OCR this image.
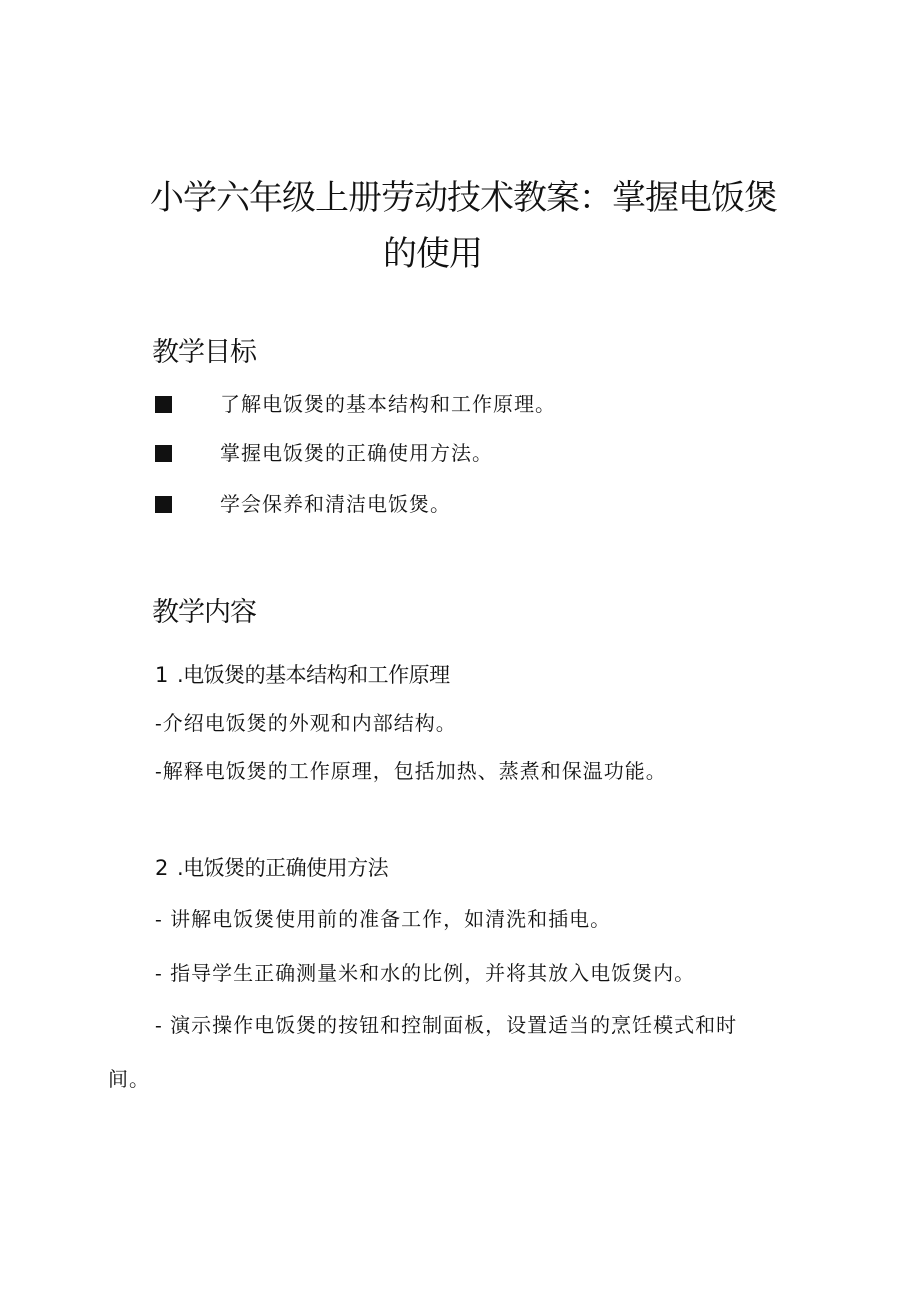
小学六年级上册劳动技术教案：掌握电饭煲
的使用
教学目标
了解电饭煲的基本结构和工作原理。
掌握电饭煲的正确使用方法。
学会保养和清洁电饭煲。
教学内容
1 .电饭煲的基本结构和工作原理
-介绍电饭煲的外观和内部结构。
-解释电饭煲的工作原理，包括加热、蒸煮和保温功能。
2 .电饭煲的正确使用方法
- 讲解电饭煲使用前的准备工作，如清洗和插电。
- 指导学生正确测量米和水的比例，并将其放入电饭煲内。
- 演示操作电饭煲的按钮和控制面板，设置适当的烹饪模式和时
间。
